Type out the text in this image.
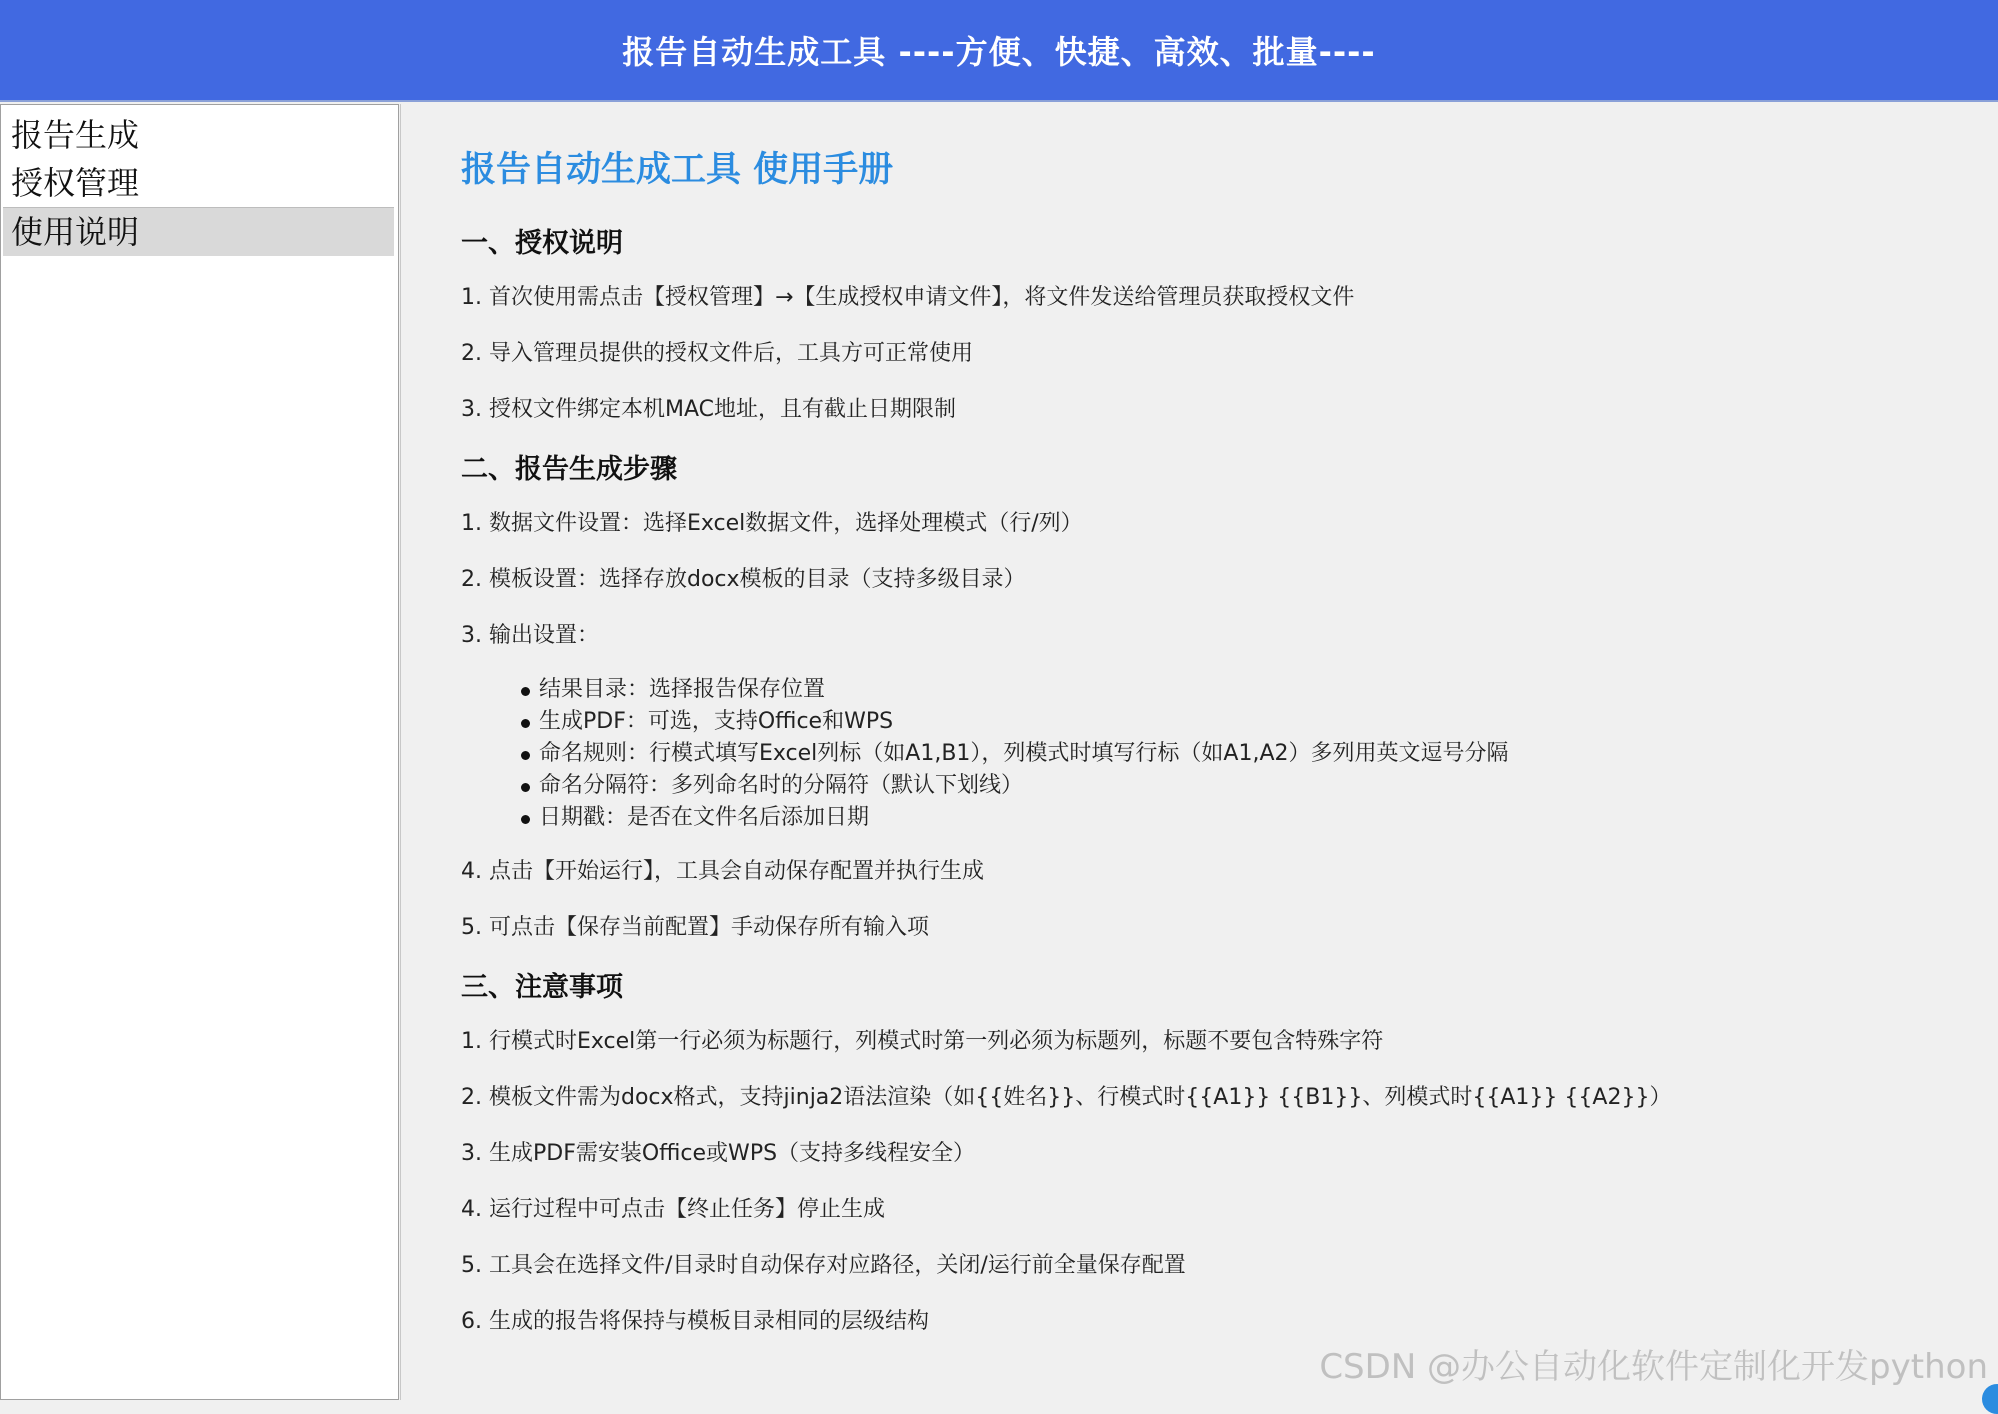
报告自动生成工具 ----方便、快捷、高效、批量----
报告生成
授权管理
使用说明
报告自动生成工具 使用手册
一、授权说明
1. 首次使用需点击【授权管理】→【生成授权申请文件】，将文件发送给管理员获取授权文件
2. 导入管理员提供的授权文件后，工具方可正常使用
3. 授权文件绑定本机MAC地址，且有截止日期限制
二、报告生成步骤
1. 数据文件设置：选择Excel数据文件，选择处理模式（行/列）
2. 模板设置：选择存放docx模板的目录（支持多级目录）
3. 输出设置：
结果目录：选择报告保存位置
生成PDF：可选，支持Office和WPS
命名规则：行模式填写Excel列标（如A1,B1），列模式时填写行标（如A1,A2）多列用英文逗号分隔
命名分隔符：多列命名时的分隔符（默认下划线）
日期戳：是否在文件名后添加日期
4. 点击【开始运行】，工具会自动保存配置并执行生成
5. 可点击【保存当前配置】手动保存所有输入项
三、注意事项
1. 行模式时Excel第一行必须为标题行，列模式时第一列必须为标题列，标题不要包含特殊字符
2. 模板文件需为docx格式，支持jinja2语法渲染（如{{姓名}}、行模式时{{A1}} {{B1}}、列模式时{{A1}} {{A2}}）
3. 生成PDF需安装Office或WPS（支持多线程安全）
4. 运行过程中可点击【终止任务】停止生成
5. 工具会在选择文件/目录时自动保存对应路径，关闭/运行前全量保存配置
6. 生成的报告将保持与模板目录相同的层级结构
CSDN @办公自动化软件定制化开发python
